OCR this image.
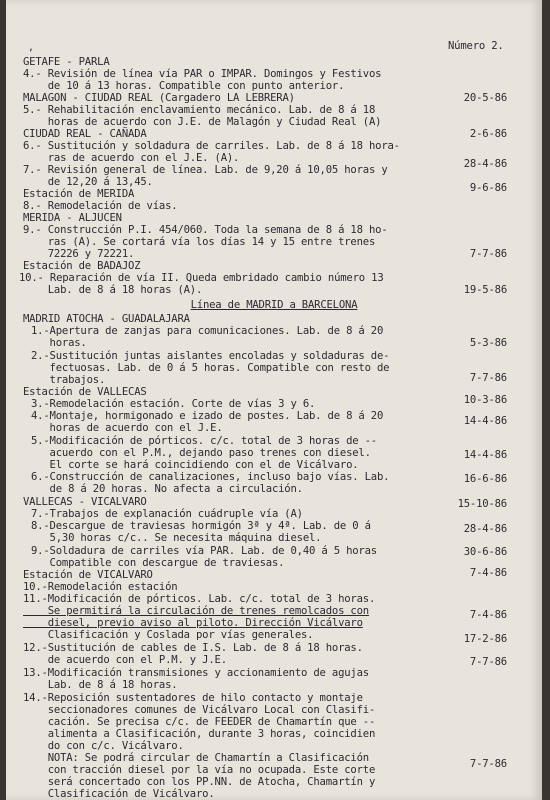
,	Número 2.
Línea de MADRID a BARCELONA
GETAFE - PARLA
4.- Revisión de línea vía PAR o IMPAR. Domingos y Festivos
de 10 á 13 horas. Compatible con punto anterior.
MALAGON - CIUDAD REAL (Cargadero LA LEBRERA)
5.- Rehabilitación enclavamiento mecánico. Lab. de 8 á 18
horas de acuerdo con J.E. de Malagón y Ciudad Real (A)
CIUDAD REAL - CAÑADA
6.- Sustitución y soldadura de carriles. Lab. de 8 á 18 hora-
ras de acuerdo con el J.E. (A).
7.- Revisión general de línea. Lab. de 9,20 á 10,05 horas y
de 12,20 á 13,45.
Estación de MERIDA
8.- Remodelación de vías.
MERIDA - ALJUCEN
9.- Construcción P.I. 454/060. Toda la semana de 8 á 18 ho-
ras (A). Se cortará vía los días 14 y 15 entre trenes
72226 y 72221.
Estación de BADAJOZ
10.- Reparación de vía II. Queda embridado cambio número 13
Lab. de 8 á 18 horas (A).
MADRID ATOCHA - GUADALAJARA
1.-Apertura de zanjas para comunicaciones. Lab. de 8 á 20
horas.
2.-Sustitución juntas aislantes encoladas y soldaduras de-
fectuosas. Lab. de 0 á 5 horas. Compatible con resto de
trabajos.
Estación de VALLECAS
3.-Remodelación estación. Corte de vías 3 y 6.
4.-Montaje, hormigonado e izado de postes. Lab. de 8 á 20
horas de acuerdo con el J.E.
5.-Modificación de pórticos. c/c. total de 3 horas de --
acuerdo con el P.M., dejando paso trenes con diesel.
El corte se hará coincidiendo con el de Vicálvaro.
6.-Construcción de canalizaciones, incluso bajo vías. Lab.
de 8 á 20 horas. No afecta a circulación.
VALLECAS - VICALVARO
7.-Trabajos de explanación cuádruple vía (A)
8.-Descargue de traviesas hormigón 3ª y 4ª. Lab. de 0 á
5,30 horas c/c.. Se necesita máquina diesel.
9.-Soldadura de carriles vía PAR. Lab. de 0,40 á 5 horas
Compatible con descargue de traviesas.
Estación de VICALVARO
10.-Remodelación estación
11.-Modificación de pórticos. Lab. c/c. total de 3 horas.
Se permitirá la circulación de trenes remolcados con
diesel, previo aviso al piloto. Dirección Vicálvaro
Clasificación y Coslada por vías generales.
12.-Sustitución de cables de I.S. Lab. de 8 á 18 horas.
de acuerdo con el P.M. y J.E.
13.-Modificación transmisiones y accionamiento de agujas
Lab. de 8 á 18 horas.
14.-Reposición sustentadores de hilo contacto y montaje
seccionadores comunes de Vicálvaro Local con Clasifi-
cación. Se precisa c/c. de FEEDER de Chamartín que --
alimenta a Clasificación, durante 3 horas, coincidien
do con c/c. Vicálvaro.
NOTA: Se podrá circular de Chamartín a Clasificación
con tracción diesel por la vía no ocupada. Este corte
será concertado con los PP.NN. de Atocha, Chamartín y
Clasificación de Vicálvaro.
20-5-86
2-6-86
28-4-86
9-6-86
7-7-86
19-5-86
5-3-86
7-7-86
10-3-86
14-4-86
14-4-86
16-6-86
15-10-86
28-4-86
30-6-86
7-4-86
7-4-86
17-2-86
7-7-86
7-7-86
